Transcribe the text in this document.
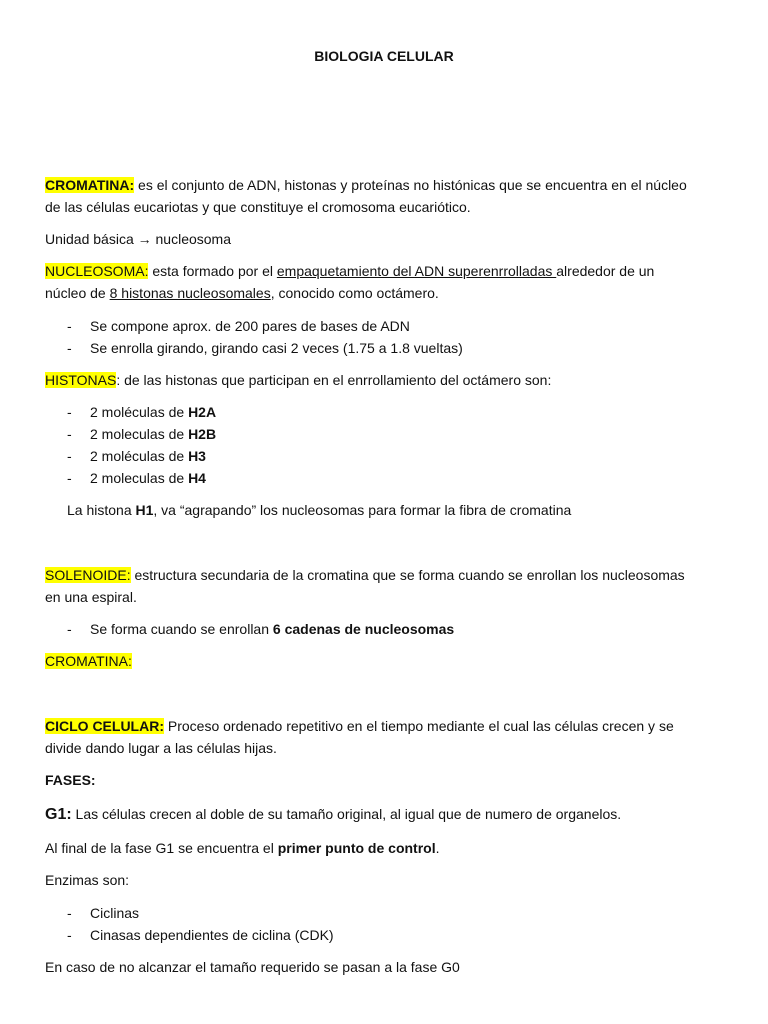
BIOLOGIA CELULAR
CROMATINA: es el conjunto de ADN, histonas y proteínas no histónicas que se encuentra en el núcleo
de las células eucariotas y que constituye el cromosoma eucariótico.
Unidad básica → nucleosoma
NUCLEOSOMA: esta formado por el empaquetamiento del ADN superenrrolladas alrededor de un
núcleo de 8 histonas nucleosomales, conocido como octámero.
- Se compone aprox. de 200 pares de bases de ADN
- Se enrolla girando, girando casi 2 veces (1.75 a 1.8 vueltas)
HISTONAS: de las histonas que participan en el enrrollamiento del octámero son:
- 2 moléculas de H2A
- 2 moleculas de H2B
- 2 moléculas de H3
- 2 moleculas de H4
La histona H1, va “agrapando” los nucleosomas para formar la fibra de cromatina
SOLENOIDE: estructura secundaria de la cromatina que se forma cuando se enrollan los nucleosomas
en una espiral.
- Se forma cuando se enrollan 6 cadenas de nucleosomas
CROMATINA:
CICLO CELULAR: Proceso ordenado repetitivo en el tiempo mediante el cual las células crecen y se
divide dando lugar a las células hijas.
FASES:
G1: Las células crecen al doble de su tamaño original, al igual que de numero de organelos.
Al final de la fase G1 se encuentra el primer punto de control.
Enzimas son:
- Ciclinas
- Cinasas dependientes de ciclina (CDK)
En caso de no alcanzar el tamaño requerido se pasan a la fase G0
